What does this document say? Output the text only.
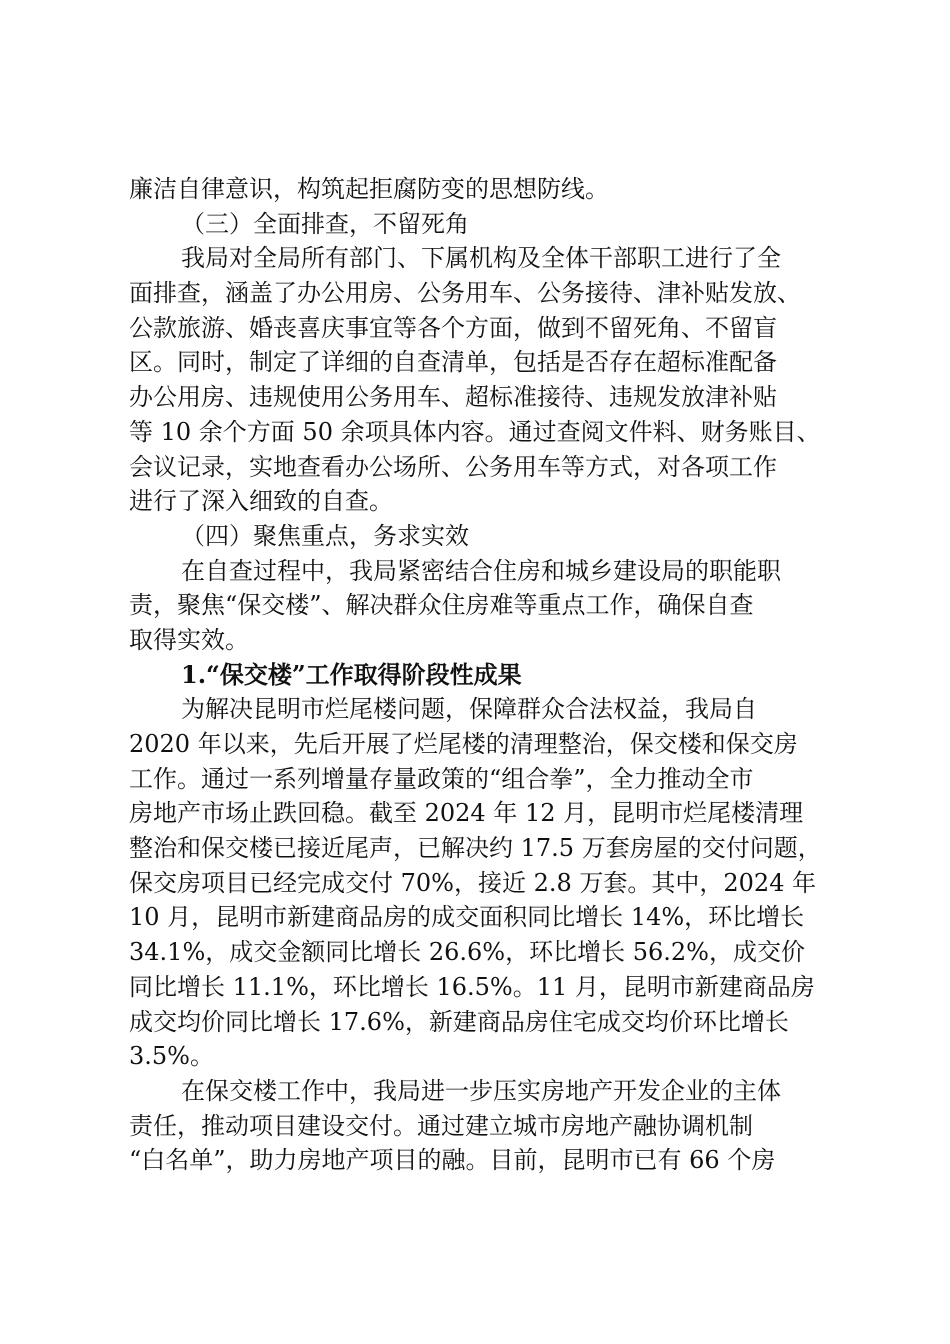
廉洁自律意识，构筑起拒腐防变的思想防线。
（三）全面排查，不留死角
我局对全局所有部门、下属机构及全体干部职工进行了全
面排查，涵盖了办公用房、公务用车、公务接待、津补贴发放、
公款旅游、婚丧喜庆事宜等各个方面，做到不留死角、不留盲
区。同时，制定了详细的自查清单，包括是否存在超标准配备
办公用房、违规使用公务用车、超标准接待、违规发放津补贴
等 10 余个方面 50 余项具体内容。通过查阅文件料、财务账目、
会议记录，实地查看办公场所、公务用车等方式，对各项工作
进行了深入细致的自查。
（四）聚焦重点，务求实效
在自查过程中，我局紧密结合住房和城乡建设局的职能职
责，聚焦“保交楼”、解决群众住房难等重点工作，确保自查
取得实效。
1.“保交楼”工作取得阶段性成果
为解决昆明市烂尾楼问题，保障群众合法权益，我局自
2020 年以来，先后开展了烂尾楼的清理整治，保交楼和保交房
工作。通过一系列增量存量政策的“组合拳”，全力推动全市
房地产市场止跌回稳。截至 2024 年 12 月，昆明市烂尾楼清理
整治和保交楼已接近尾声，已解决约 17.5 万套房屋的交付问题，
保交房项目已经完成交付 70%，接近 2.8 万套。其中，2024 年
10 月，昆明市新建商品房的成交面积同比增长 14%，环比增长
34.1%，成交金额同比增长 26.6%，环比增长 56.2%，成交价
同比增长 11.1%，环比增长 16.5%。11 月，昆明市新建商品房
成交均价同比增长 17.6%，新建商品房住宅成交均价环比增长
3.5%。
在保交楼工作中，我局进一步压实房地产开发企业的主体
责任，推动项目建设交付。通过建立城市房地产融协调机制
“白名单”，助力房地产项目的融。目前，昆明市已有 66 个房
